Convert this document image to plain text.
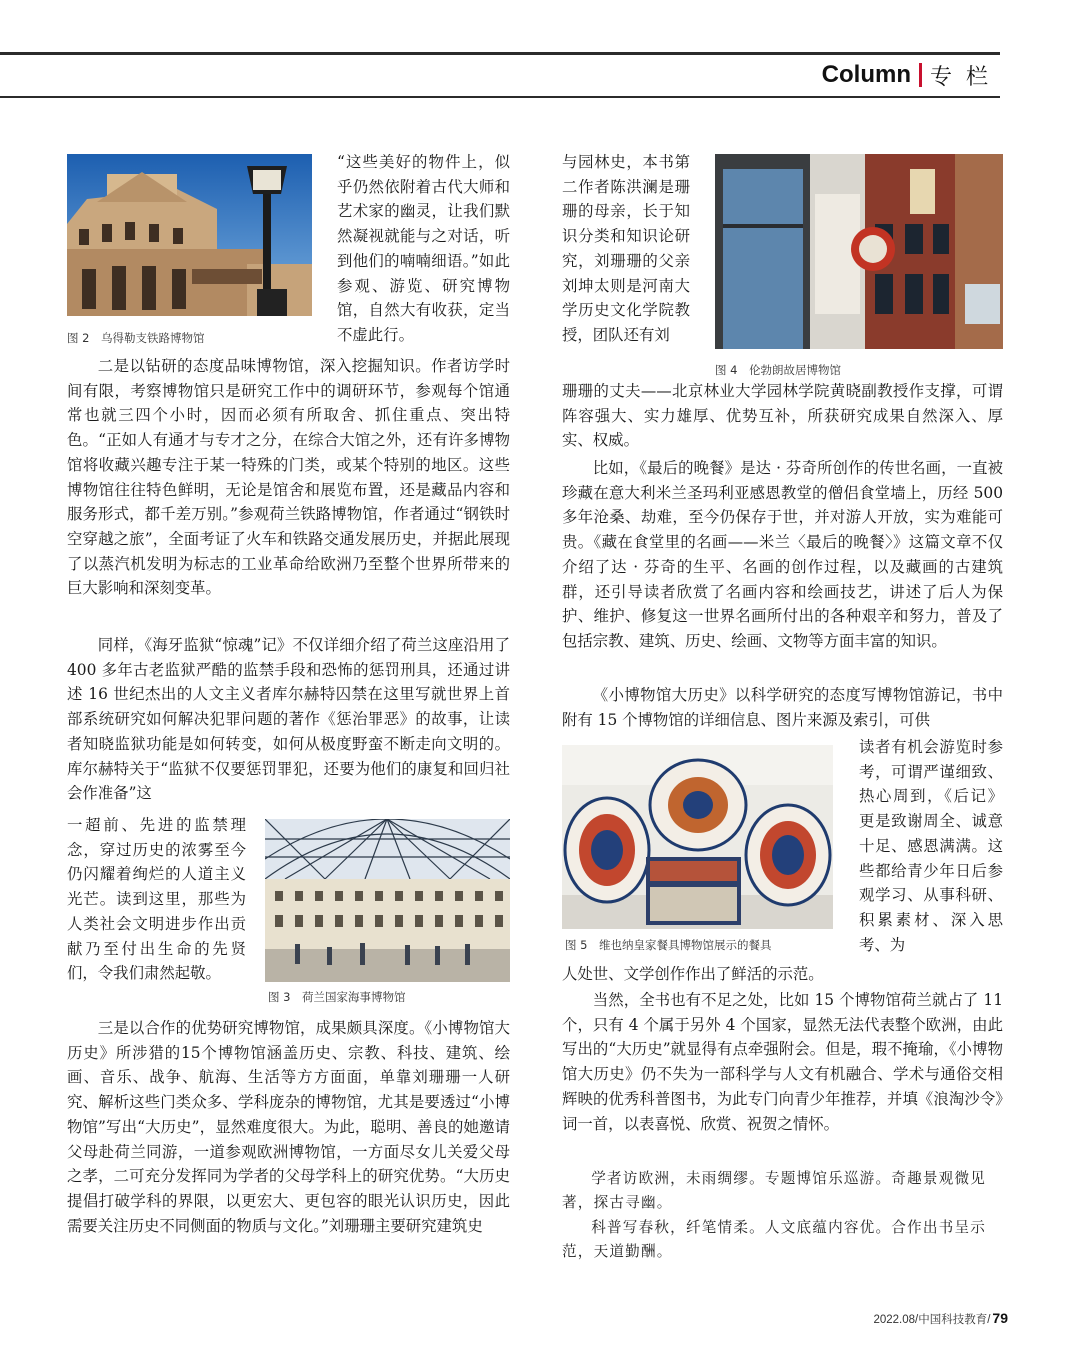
Column 专栏
图 2　乌得勒支铁路博物馆

“这些美好的物件上，似乎仍然依附着古代大师和艺术家的幽灵，让我们默然凝视就能与之对话，听到他们的喃喃细语。”如此参观、游览、研究博物馆，自然大有收获，定当不虚此行。

二是以钻研的态度品味博物馆，深入挖掘知识。作者访学时间有限，考察博物馆只是研究工作中的调研环节，参观每个馆通常也就三四个小时，因而必须有所取舍、抓住重点、突出特色。“正如人有通才与专才之分，在综合大馆之外，还有许多博物馆将收藏兴趣专注于某一特殊的门类，或某个特别的地区。这些博物馆往往特色鲜明，无论是馆舍和展览布置，还是藏品内容和服务形式，都千差万别。”参观荷兰铁路博物馆，作者通过“钢铁时空穿越之旅”，全面考证了火车和铁路交通发展历史，并据此展现了以蒸汽机发明为标志的工业革命给欧洲乃至整个世界所带来的巨大影响和深刻变革。

同样，《海牙监狱“惊魂”记》不仅详细介绍了荷兰这座沿用了 400 多年古老监狱严酷的监禁手段和恐怖的惩罚刑具，还通过讲述 16 世纪杰出的人文主义者库尔赫特囚禁在这里写就世界上首部系统研究如何解决犯罪问题的著作《惩治罪恶》的故事，让读者知晓监狱功能是如何转变，如何从极度野蛮不断走向文明的。库尔赫特关于“监狱不仅要惩罚罪犯，还要为他们的康复和回归社会作准备”这

图 3　荷兰国家海事博物馆

一超前、先进的监禁理念，穿过历史的浓雾至今仍闪耀着绚烂的人道主义光芒。读到这里，那些为人类社会文明进步作出贡献乃至付出生命的先贤们，令我们肃然起敬。

三是以合作的优势研究博物馆，成果颇具深度。《小博物馆大历史》所涉猎的15个博物馆涵盖历史、宗教、科技、建筑、绘画、音乐、战争、航海、生活等方方面面，单靠刘珊珊一人研究、解析这些门类众多、学科庞杂的博物馆，尤其是要透过“小博物馆”写出“大历史”，显然难度很大。为此，聪明、善良的她邀请父母赴荷兰同游，一道参观欧洲博物馆，一方面尽女儿关爱父母之孝，二可充分发挥同为学者的父母学科上的研究优势。“大历史提倡打破学科的界限，以更宏大、更包容的眼光认识历史，因此需要关注历史不同侧面的物质与文化。”刘珊珊主要研究建筑史

与园林史，本书第二作者陈洪澜是珊珊的母亲，长于知识分类和知识论研究，刘珊珊的父亲刘坤太则是河南大学历史文化学院教授，团队还有刘

图 4　伦勃朗故居博物馆

珊珊的丈夫——北京林业大学园林学院黄晓副教授作支撑，可谓阵容强大、实力雄厚、优势互补，所获研究成果自然深入、厚实、权威。

比如，《最后的晚餐》是达 · 芬奇所创作的传世名画，一直被珍藏在意大利米兰圣玛利亚感恩教堂的僧侣食堂墙上，历经 500 多年沧桑、劫难，至今仍保存于世，并对游人开放，实为难能可贵。《藏在食堂里的名画——米兰〈最后的晚餐〉》这篇文章不仅介绍了达 · 芬奇的生平、名画的创作过程，以及藏画的古建筑群，还引导读者欣赏了名画内容和绘画技艺，讲述了后人为保护、维护、修复这一世界名画所付出的各种艰辛和努力，普及了包括宗教、建筑、历史、绘画、文物等方面丰富的知识。

《小博物馆大历史》以科学研究的态度写博物馆游记，书中附有 15 个博物馆的详细信息、图片来源及索引，可供

图 5　维也纳皇家餐具博物馆展示的餐具

读者有机会游览时参考，可谓严谨细致、热心周到，《后记》更是致谢周全、诚意十足、感恩满满。这些都给青少年日后参观学习、从事科研、积累素材、深入思考、为

人处世、文学创作作出了鲜活的示范。

当然，全书也有不足之处，比如 15 个博物馆荷兰就占了 11 个，只有 4 个属于另外 4 个国家，显然无法代表整个欧洲，由此写出的“大历史”就显得有点牵强附会。但是，瑕不掩瑜，《小博物馆大历史》仍不失为一部科学与人文有机融合、学术与通俗交相辉映的优秀科普图书，为此专门向青少年推荐，并填《浪淘沙令》词一首，以表喜悦、欣赏、祝贺之情怀。

学者访欧洲，未雨绸缪。专题博馆乐巡游。奇趣景观微见著，探古寻幽。

科普写春秋，纤笔情柔。人文底蕴内容优。合作出书呈示范，天道勤酬。

2022.08 / 中国科技教育 / 79
